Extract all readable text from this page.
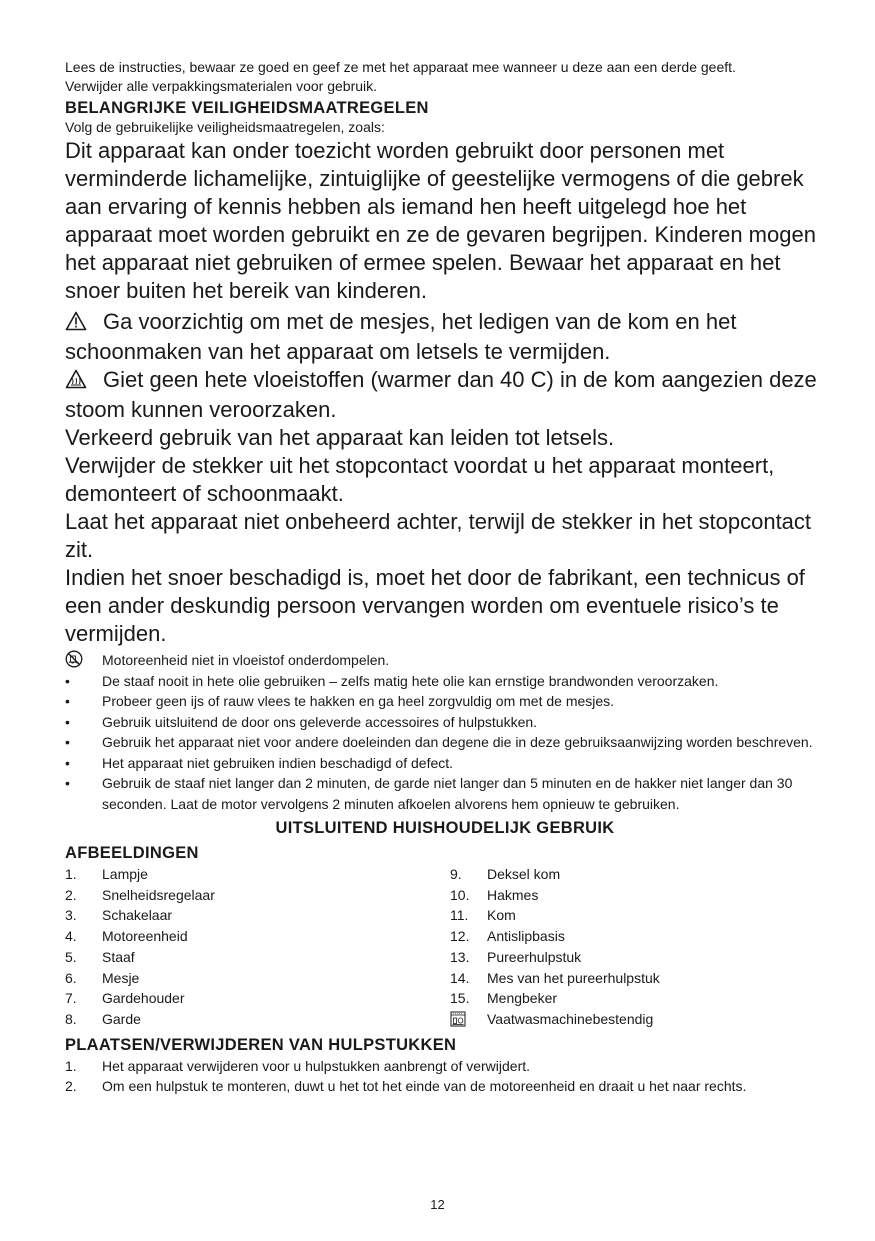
Lees de instructies, bewaar ze goed en geef ze met het apparaat mee wanneer u deze aan een derde geeft.

Verwijder alle verpakkingsmaterialen voor gebruik.

BELANGRIJKE VEILIGHEIDSMAATREGELEN

Volg de gebruikelijke veiligheidsmaatregelen, zoals:

Dit apparaat kan onder toezicht worden gebruikt door personen met verminderde lichamelijke, zintuiglijke of geestelijke vermogens of die gebrek aan ervaring of kennis hebben als iemand hen heeft uitgelegd hoe het apparaat moet worden gebruikt en ze de gevaren begrijpen. Kinderen mogen het apparaat niet gebruiken of ermee spelen. Bewaar het apparaat en het snoer buiten het bereik van kinderen.

Ga voorzichtig om met de mesjes, het ledigen van de kom en het schoonmaken van het apparaat om letsels te vermijden.
Giet geen hete vloeistoffen (warmer dan 40 C) in de kom aangezien deze stoom kunnen veroorzaken.
Verkeerd gebruik van het apparaat kan leiden tot letsels.
Verwijder de stekker uit het stopcontact voordat u het apparaat monteert, demonteert of schoonmaakt.
Laat het apparaat niet onbeheerd achter, terwijl de stekker in het stopcontact zit.
Indien het snoer beschadigd is, moet het door de fabrikant, een technicus of een ander deskundig persoon vervangen worden om eventuele risico’s te vermijden.
Motoreenheid niet in vloeistof onderdompelen.
•	De staaf nooit in hete olie gebruiken – zelfs matig hete olie kan ernstige brandwonden veroorzaken.
•	Probeer geen ijs of rauw vlees te hakken en ga heel zorgvuldig om met de mesjes.
•	Gebruik uitsluitend de door ons geleverde accessoires of hulpstukken.
•	Gebruik het apparaat niet voor andere doeleinden dan degene die in deze gebruiksaanwijzing worden beschreven.
•	Het apparaat niet gebruiken indien beschadigd of defect.
•	Gebruik de staaf niet langer dan 2 minuten, de garde niet langer dan 5 minuten en de hakker niet langer dan 30 seconden. Laat de motor vervolgens 2 minuten afkoelen alvorens hem opnieuw te gebruiken.
UITSLUITEND HUISHOUDELIJK GEBRUIK
AFBEELDINGEN
1. Lampje
2. Snelheidsregelaar
3. Schakelaar
4. Motoreenheid
5. Staaf
6. Mesje
7. Gardehouder
8. Garde
9. Deksel kom
10. Hakmes
11. Kom
12. Antislipbasis
13. Pureerhulpstuk
14. Mes van het pureerhulpstuk
15. Mengbeker
Vaatwasmachinebestendig
PLAATSEN/VERWIJDEREN VAN HULPSTUKKEN
1. Het apparaat verwijderen voor u hulpstukken aanbrengt of verwijdert.
2. Om een hulpstuk te monteren, duwt u het tot het einde van de motoreenheid en draait u het naar rechts.
12
